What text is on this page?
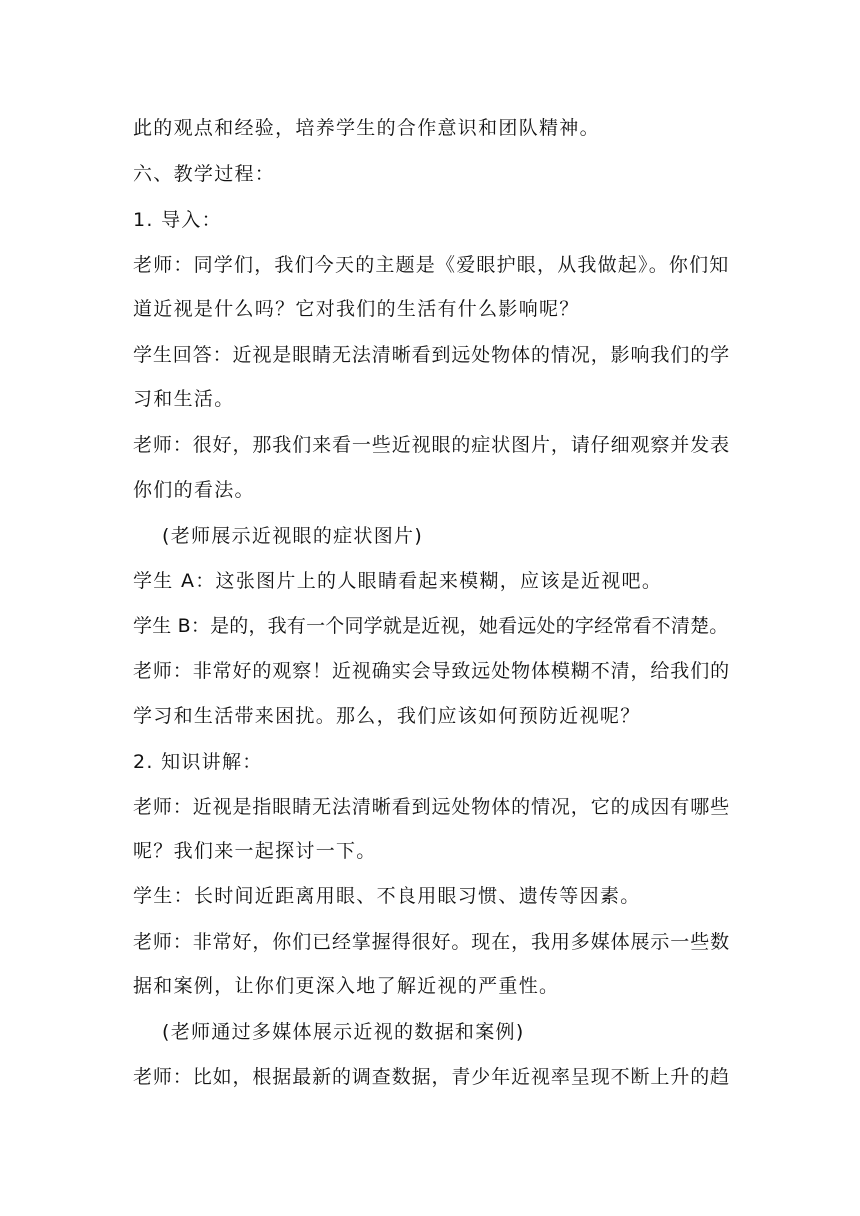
此的观点和经验，培养学生的合作意识和团队精神。
六、教学过程：
1. 导入：
老师：同学们，我们今天的主题是《爱眼护眼，从我做起》。你们知
道近视是什么吗？它对我们的生活有什么影响呢？
学生回答：近视是眼睛无法清晰看到远处物体的情况，影响我们的学
习和生活。
老师：很好，那我们来看一些近视眼的症状图片，请仔细观察并发表
你们的看法。
(老师展示近视眼的症状图片)
学生 A：这张图片上的人眼睛看起来模糊，应该是近视吧。
学生 B：是的，我有一个同学就是近视，她看远处的字经常看不清楚。
老师：非常好的观察！近视确实会导致远处物体模糊不清，给我们的
学习和生活带来困扰。那么，我们应该如何预防近视呢？
2. 知识讲解：
老师：近视是指眼睛无法清晰看到远处物体的情况，它的成因有哪些
呢？我们来一起探讨一下。
学生：长时间近距离用眼、不良用眼习惯、遗传等因素。
老师：非常好，你们已经掌握得很好。现在，我用多媒体展示一些数
据和案例，让你们更深入地了解近视的严重性。
(老师通过多媒体展示近视的数据和案例)
老师：比如，根据最新的调查数据，青少年近视率呈现不断上升的趋
